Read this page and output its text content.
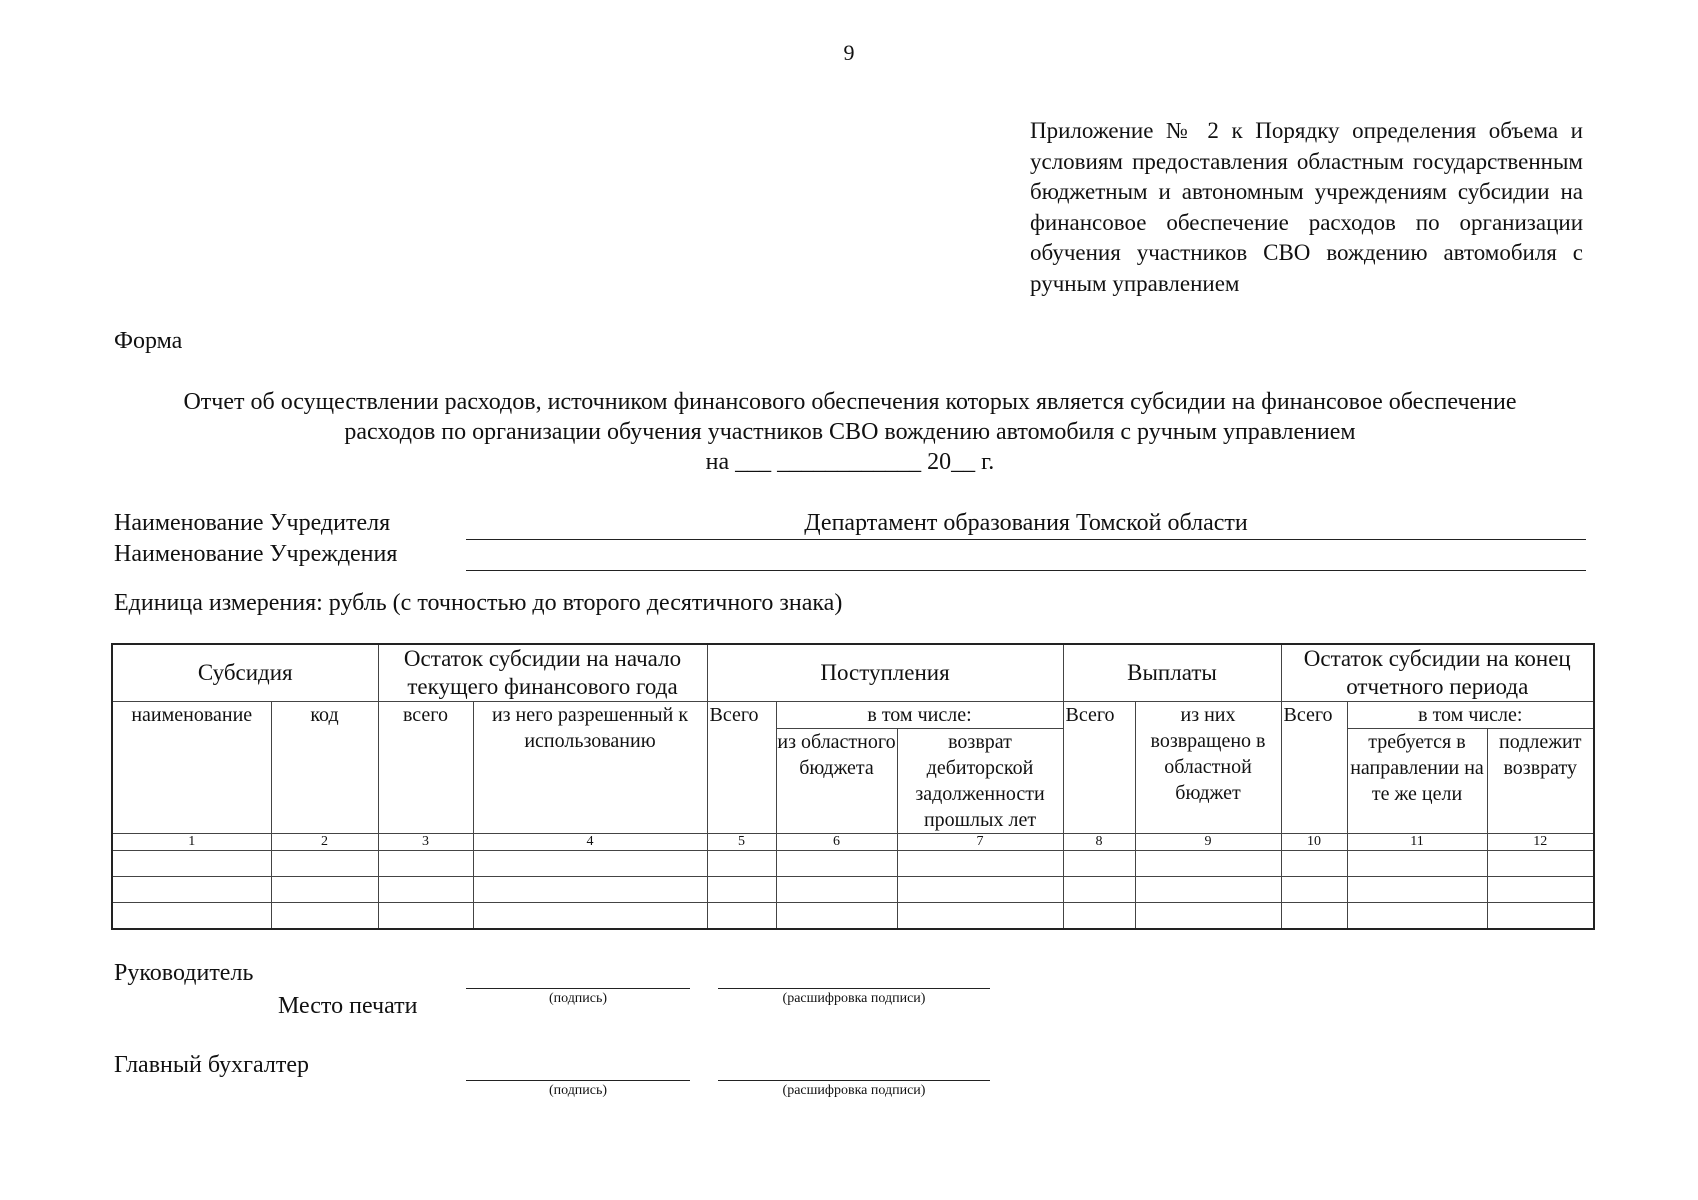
9
Приложение № 2 к Порядку определения объема и условиям предоставления областным государственным бюджетным и автономным учреждениям субсидии на финансовое обеспечение расходов по организации обучения участников СВО вождению автомобиля с ручным управлением
Форма
Отчет об осуществлении расходов, источником финансового обеспечения которых является субсидии на финансовое обеспечение
расходов по организации обучения участников СВО вождению автомобиля с ручным управлением
на ___ ____________ 20__ г.
Наименование Учредителя	Департамент образования Томской области
Наименование Учреждения
Единица измерения: рубль (с точностью до второго десятичного знака)
Субсидия		Остаток субсидии на начало текущего финансового года		Поступления			Выплаты		Остаток субсидии на конец отчетного периода		
наименование	код	всего	из него разрешенный к использованию	Всего	в том числе:		Всего	из них возвращено в областной бюджет	Всего	в том числе:	
					из областного бюджета	возврат дебиторской задолженности прошлых лет				требуется в направлении на те же цели	подлежит возврату
1	2	3	4	5	6	7	8	9	10	11	12

Руководитель
Место печати	(подпись)	(расшифровка подписи)
Главный бухгалтер
(подпись)	(расшифровка подписи)
